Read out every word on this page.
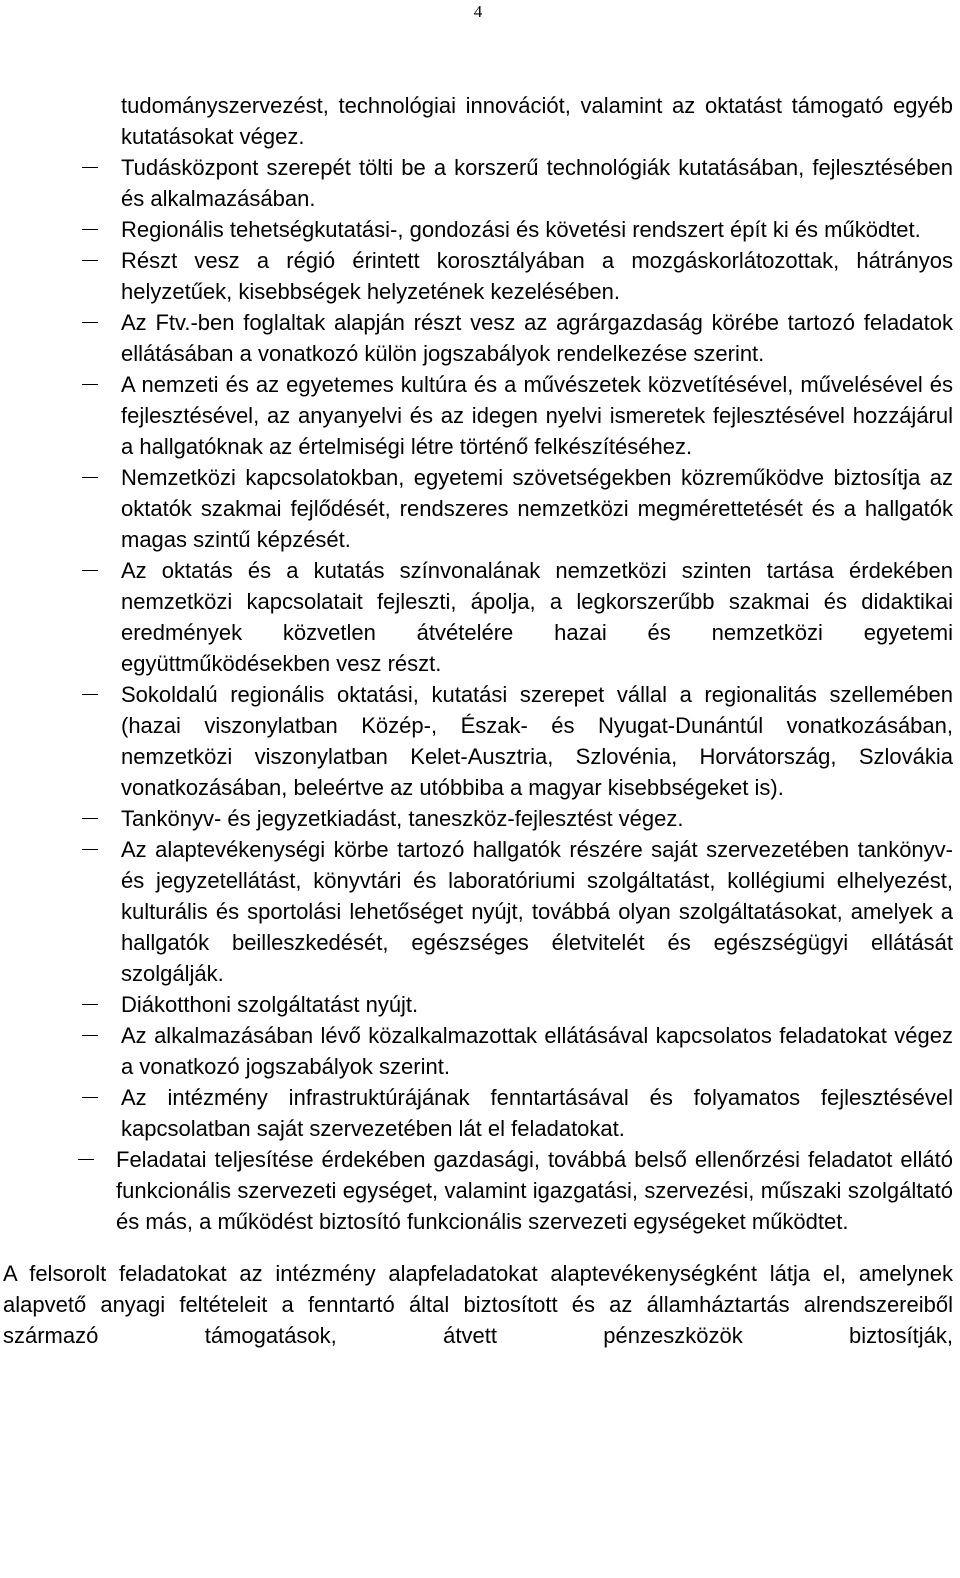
4
tudományszervezést, technológiai innovációt, valamint az oktatást támogató egyéb kutatásokat végez.
Tudásközpont szerepét tölti be a korszerű technológiák kutatásában, fejlesztésében és alkalmazásában.
Regionális tehetségkutatási-, gondozási és követési rendszert épít ki és működtet.
Részt vesz a régió érintett korosztályában a mozgáskorlátozottak, hátrányos helyzetűek, kisebbségek helyzetének kezelésében.
Az Ftv.-ben foglaltak alapján részt vesz az agrárgazdaság körébe tartozó feladatok ellátásában a vonatkozó külön jogszabályok rendelkezése szerint.
A nemzeti és az egyetemes kultúra és a művészetek közvetítésével, művelésével és fejlesztésével, az anyanyelvi és az idegen nyelvi ismeretek fejlesztésével hozzájárul a hallgatóknak az értelmiségi létre történő felkészítéséhez.
Nemzetközi kapcsolatokban, egyetemi szövetségekben közreműködve biztosítja az oktatók szakmai fejlődését, rendszeres nemzetközi megmérettetését és a hallgatók magas szintű képzését.
Az oktatás és a kutatás színvonalának nemzetközi szinten tartása érdekében nemzetközi kapcsolatait fejleszti, ápolja, a legkorszerűbb szakmai és didaktikai eredmények közvetlen átvételére hazai és nemzetközi egyetemi együttműködésekben vesz részt.
Sokoldalú regionális oktatási, kutatási szerepet vállal a regionalitás szellemében (hazai viszonylatban Közép-, Észak- és Nyugat-Dunántúl vonatkozásában, nemzetközi viszonylatban Kelet-Ausztria, Szlovénia, Horvátország, Szlovákia vonatkozásában, beleértve az utóbbiba a magyar kisebbségeket is).
Tankönyv- és jegyzetkiadást, taneszköz-fejlesztést végez.
Az alaptevékenységi körbe tartozó hallgatók részére saját szervezetében tankönyv- és jegyzetellátást, könyvtári és laboratóriumi szolgáltatást, kollégiumi elhelyezést, kulturális és sportolási lehetőséget nyújt, továbbá olyan szolgáltatásokat, amelyek a hallgatók beilleszkedését, egészséges életvitelét és egészségügyi ellátását szolgálják.
Diákotthoni szolgáltatást nyújt.
Az alkalmazásában lévő közalkalmazottak ellátásával kapcsolatos feladatokat végez a vonatkozó jogszabályok szerint.
Az intézmény infrastruktúrájának fenntartásával és folyamatos fejlesztésével kapcsolatban saját szervezetében lát el feladatokat.
Feladatai teljesítése érdekében gazdasági, továbbá belső ellenőrzési feladatot ellátó funkcionális szervezeti egységet, valamint igazgatási, szervezési, műszaki szolgáltató és más, a működést biztosító funkcionális szervezeti egységeket működtet.
A felsorolt feladatokat az intézmény alapfeladatokat alaptevékenységként látja el, amelynek alapvető anyagi feltételeit a fenntartó által biztosított és az államháztartás alrendszereiből származó támogatások, átvett pénzeszközök biztosítják,
